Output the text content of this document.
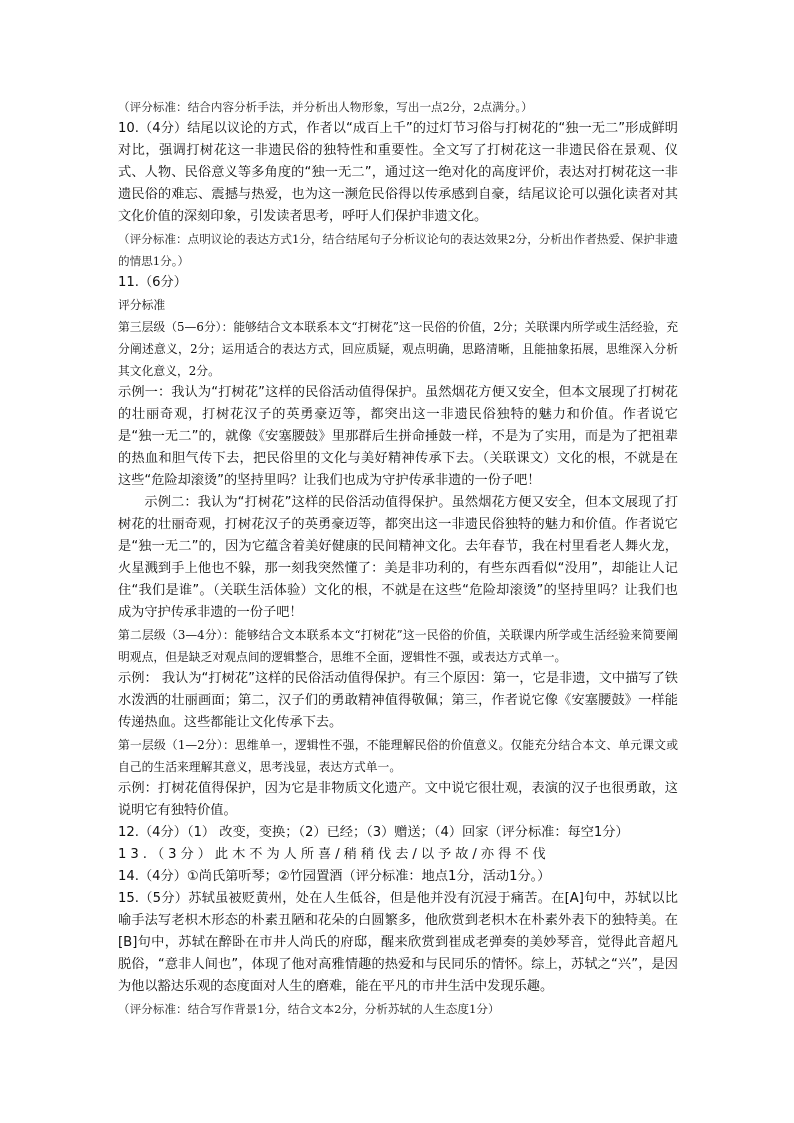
（评分标准：结合内容分析手法，并分析出人物形象，写出一点2分，2点满分。）

10.（4分）结尾以议论的方式，作者以“成百上千”的过灯节习俗与打树花的“独一无二”形成鲜明对比，强调打树花这一非遗民俗的独特性和重要性。全文写了打树花这一非遗民俗在景观、仪式、人物、民俗意义等多角度的“独一无二”，通过这一绝对化的高度评价，表达对打树花这一非遗民俗的难忘、震撼与热爱，也为这一濒危民俗得以传承感到自豪，结尾议论可以强化读者对其文化价值的深刻印象，引发读者思考，呼吁人们保护非遗文化。

（评分标准：点明议论的表达方式1分，结合结尾句子分析议论句的表达效果2分，分析出作者热爱、保护非遗的情思1分。）

11.（6分）

评分标准

第三层级（5—6分）：能够结合文本联系本文“打树花”这一民俗的价值，2分；关联课内所学或生活经验，充分阐述意义，2分；运用适合的表达方式，回应质疑，观点明确，思路清晰，且能抽象拓展，思维深入分析其文化意义，2分。

示例一：我认为“打树花”这样的民俗活动值得保护。虽然烟花方便又安全，但本文展现了打树花的壮丽奇观，打树花汉子的英勇豪迈等，都突出这一非遗民俗独特的魅力和价值。作者说它是“独一无二”的，就像《安塞腰鼓》里那群后生拼命捶鼓一样，不是为了实用，而是为了把祖辈的热血和胆气传下去，把民俗里的文化与美好精神传承下去。（关联课文）文化的根，不就是在这些“危险却滚烫”的坚持里吗？让我们也成为守护传承非遗的一份子吧！

示例二：我认为“打树花”这样的民俗活动值得保护。虽然烟花方便又安全，但本文展现了打树花的壮丽奇观，打树花汉子的英勇豪迈等，都突出这一非遗民俗独特的魅力和价值。作者说它是“独一无二”的，因为它蕴含着美好健康的民间精神文化。去年春节，我在村里看老人舞火龙，火星溅到手上他也不躲，那一刻我突然懂了：美是非功利的，有些东西看似“没用”，却能让人记住“我们是谁”。（关联生活体验）文化的根，不就是在这些“危险却滚烫”的坚持里吗？让我们也成为守护传承非遗的一份子吧！

第二层级（3—4分）：能够结合文本联系本文“打树花”这一民俗的价值，关联课内所学或生活经验来简要阐明观点，但是缺乏对观点间的逻辑整合，思维不全面，逻辑性不强，或表达方式单一。

示例： 我认为“打树花”这样的民俗活动值得保护。有三个原因：第一，它是非遗，文中描写了铁水泼洒的壮丽画面；第二，汉子们的勇敢精神值得敬佩；第三，作者说它像《安塞腰鼓》一样能传递热血。这些都能让文化传承下去。

第一层级（1—2分）：思维单一，逻辑性不强，不能理解民俗的价值意义。仅能充分结合本文、单元课文或自己的生活来理解其意义，思考浅显，表达方式单一。

示例：打树花值得保护，因为它是非物质文化遗产。文中说它很壮观，表演的汉子也很勇敢，这说明它有独特价值。

12.（4分）（1） 改变，变换；（2）已经；（3）赠送；（4）回家（评分标准：每空1分）

13.（3分）此木不为人所喜/稍稍伐去/以予故/亦得不伐

14.（4分）①尚氏第听琴；②竹园置酒（评分标准：地点1分，活动1分。）

15.（5分）苏轼虽被贬黄州，处在人生低谷，但是他并没有沉浸于痛苦。在[A]句中，苏轼以比喻手法写老枳木形态的朴素丑陋和花朵的白圆繁多，他欣赏到老枳木在朴素外表下的独特美。在[B]句中，苏轼在醉卧在市井人尚氏的府邸，醒来欣赏到崔成老弹奏的美妙琴音，觉得此音超凡脱俗，“意非人间也”，体现了他对高雅情趣的热爱和与民同乐的情怀。综上，苏轼之“兴”，是因为他以豁达乐观的态度面对人生的磨难，能在平凡的市井生活中发现乐趣。

（评分标准：结合写作背景1分，结合文本2分，分析苏轼的人生态度1分）
